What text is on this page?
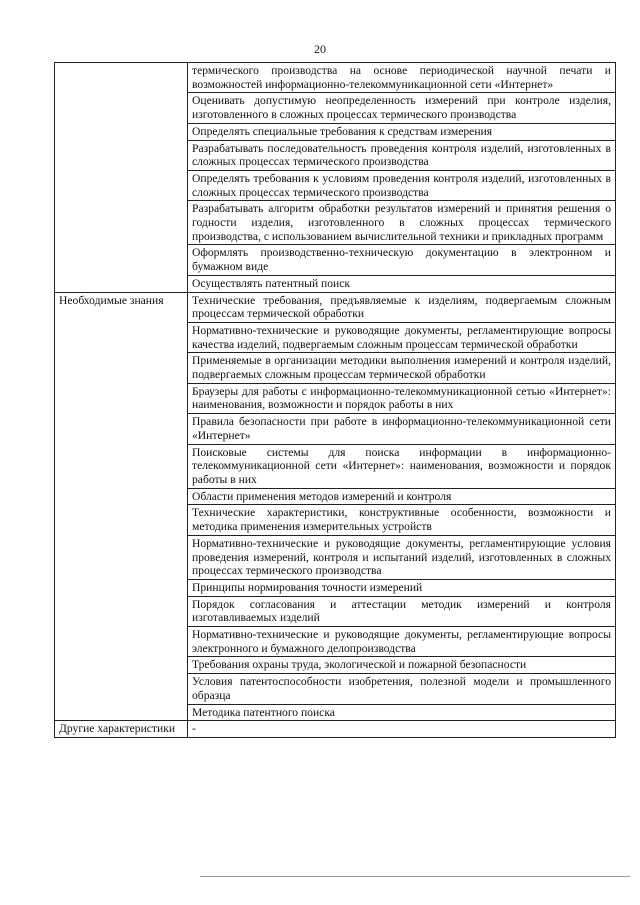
20
	термического производства на основе периодической научной печати и возможностей информационно-телекоммуникационной сети «Интернет»
	Оценивать допустимую неопределенность измерений при контроле изделия, изготовленного в сложных процессах термического производства
	Определять специальные требования к средствам измерения
	Разрабатывать последовательность проведения контроля изделий, изготовленных в сложных процессах термического производства
	Определять требования к условиям проведения контроля изделий, изготовленных в сложных процессах термического производства
	Разрабатывать алгоритм обработки результатов измерений и принятия решения о годности изделия, изготовленного в сложных процессах термического производства, с использованием вычислительной техники и прикладных программ
	Оформлять производственно-техническую документацию в электронном и бумажном виде
	Осуществлять патентный поиск
Необходимые знания	Технические требования, предъявляемые к изделиям, подвергаемым сложным процессам термической обработки
	Нормативно-технические и руководящие документы, регламентирующие вопросы качества изделий, подвергаемым сложным процессам термической обработки
	Применяемые в организации методики выполнения измерений и контроля изделий, подвергаемых сложным процессам термической обработки
	Браузеры для работы с информационно-телекоммуникационной сетью «Интернет»: наименования, возможности и порядок работы в них
	Правила безопасности при работе в информационно-телекоммуникационной сети «Интернет»
	Поисковые системы для поиска информации в информационно-телекоммуникационной сети «Интернет»: наименования, возможности и порядок работы в них
	Области применения методов измерений и контроля
	Технические характеристики, конструктивные особенности, возможности и методика применения измерительных устройств
	Нормативно-технические и руководящие документы, регламентирующие условия проведения измерений, контроля и испытаний изделий, изготовленных в сложных процессах термического производства
	Принципы нормирования точности измерений
	Порядок согласования и аттестации методик измерений и контроля изготавливаемых изделий
	Нормативно-технические и руководящие документы, регламентирующие вопросы электронного и бумажного делопроизводства
	Требования охраны труда, экологической и пожарной безопасности
	Условия патентоспособности изобретения, полезной модели и промышленного образца
	Методика патентного поиска
Другие характеристики	-
